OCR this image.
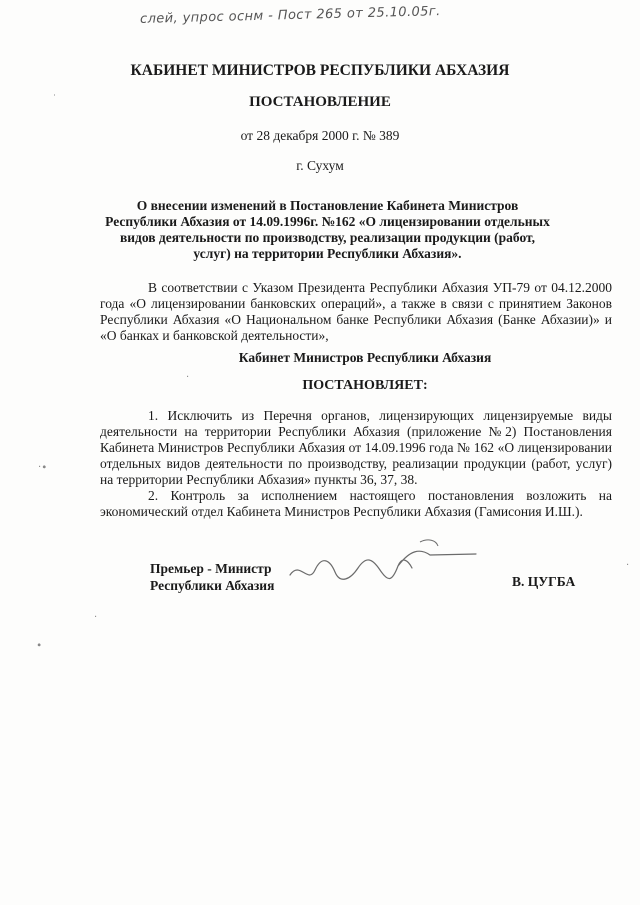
слей, упрос оснм - Пост 265 от 25.10.05г.
КАБИНЕТ МИНИСТРОВ РЕСПУБЛИКИ АБХАЗИЯ
ПОСТАНОВЛЕНИЕ
от 28 декабря 2000 г. № 389
г. Сухум
О внесении изменений в Постановление Кабинета Министров Республики Абхазия от 14.09.1996г. №162 «О лицензировании отдельных видов деятельности по производству, реализации продукции (работ, услуг) на территории Республики Абхазия».
В соответствии с Указом Президента Республики Абхазия УП-79 от 04.12.2000 года «О лицензировании банковских операций», а также в связи с принятием Законов Республики Абхазия «О Национальном банке Республики Абхазия (Банке Абхазии)» и «О банках и банковской деятельности»,
Кабинет Министров Республики Абхазия
ПОСТАНОВЛЯЕТ:
1. Исключить из Перечня органов, лицензирующих лицензируемые виды деятельности на территории Республики Абхазия (приложение №2) Постановления Кабинета Министров Республики Абхазия от 14.09.1996 года № 162 «О лицензировании отдельных видов деятельности по производству, реализации продукции (работ, услуг) на территории Республики Абхазия» пункты 36, 37, 38.
2. Контроль за исполнением настоящего постановления возложить на экономический отдел Кабинета Министров Республики Абхазия (Гамисония И.Ш.).
Премьер - Министр
Республики Абхазия	В. ЦУГБА
˙
·∙
·
·
∙
·
